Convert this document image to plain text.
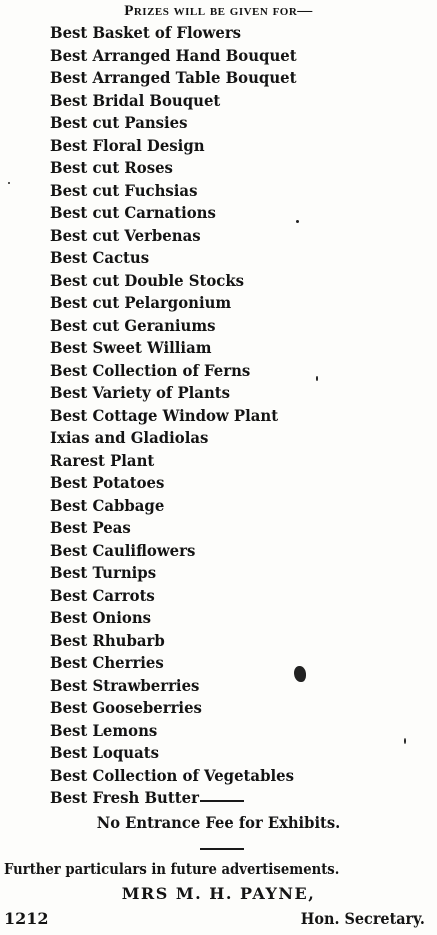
Prizes will be given for—
Best Basket of Flowers
Best Arranged Hand Bouquet
Best Arranged Table Bouquet
Best Bridal Bouquet
Best cut Pansies
Best Floral Design
Best cut Roses
Best cut Fuchsias
Best cut Carnations
Best cut Verbenas
Best Cactus
Best cut Double Stocks
Best cut Pelargonium
Best cut Geraniums
Best Sweet William
Best Collection of Ferns
Best Variety of Plants
Best Cottage Window Plant
Ixias and Gladiolas
Rarest Plant
Best Potatoes
Best Cabbage
Best Peas
Best Cauliflowers
Best Turnips
Best Carrots
Best Onions
Best Rhubarb
Best Cherries
Best Strawberries
Best Gooseberries
Best Lemons
Best Loquats
Best Collection of Vegetables
Best Fresh Butter
No Entrance Fee for Exhibits.
Further particulars in future advertisements.
MRS M. H. PAYNE,
1212	Hon. Secretary.
